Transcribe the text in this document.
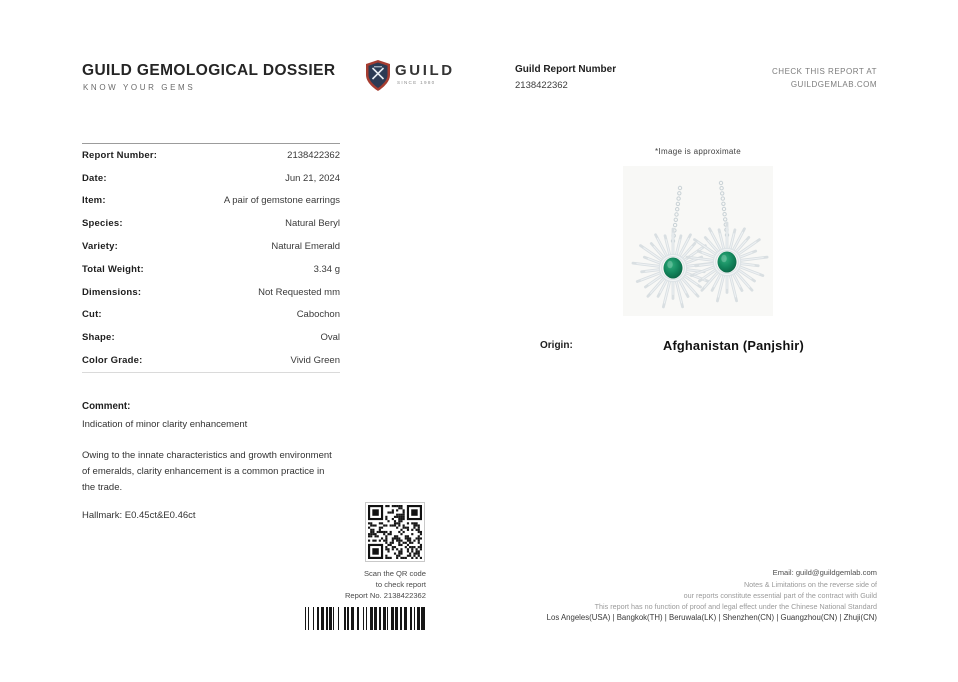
GUILD GEMOLOGICAL DOSSIER
KNOW YOUR GEMS
GUILD
SINCE 1980
Guild Report Number
2138422362
CHECK THIS REPORT AT
GUILDGEMLAB.COM
Report Number:	2138422362
Date:	Jun 21, 2024
Item:	A pair of gemstone earrings
Species:	Natural Beryl
Variety:	Natural Emerald
Total Weight:	3.34 g
Dimensions:	Not Requested mm
Cut:	Cabochon
Shape:	Oval
Color Grade:	Vivid Green
Comment:
Indication of minor clarity enhancement
Owing to the innate characteristics and growth environment of emeralds, clarity enhancement is a common practice in the trade.
Hallmark: E0.45ct&E0.46ct
Scan the QR code
to check report
Report No. 2138422362
*Image is approximate
Origin:	Afghanistan (Panjshir)
Email: guild@guildgemlab.com
Notes & Limitations on the reverse side of
our reports constitute essential part of the contract with Guild
This report has no function of proof and legal effect under the Chinese National Standard
Los Angeles(USA) | Bangkok(TH) | Beruwala(LK) | Shenzhen(CN) | Guangzhou(CN) | Zhuji(CN)
